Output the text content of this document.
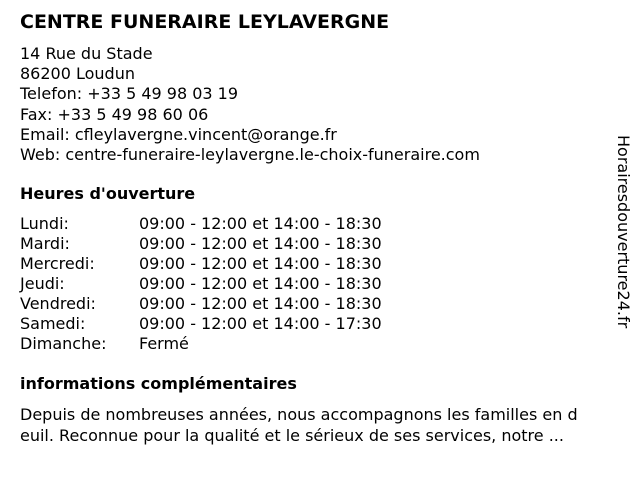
CENTRE FUNERAIRE LEYLAVERGNE
14 Rue du Stade
86200 Loudun
Telefon: +33 5 49 98 03 19
Fax: +33 5 49 98 60 06
Email: cfleylavergne.vincent@orange.fr
Web: centre-funeraire-leylavergne.le-choix-funeraire.com
Heures d'ouverture
Lundi:	09:00 - 12:00 et 14:00 - 18:30
Mardi:	09:00 - 12:00 et 14:00 - 18:30
Mercredi:	09:00 - 12:00 et 14:00 - 18:30
Jeudi:	09:00 - 12:00 et 14:00 - 18:30
Vendredi:	09:00 - 12:00 et 14:00 - 18:30
Samedi:	09:00 - 12:00 et 14:00 - 17:30
Dimanche: Fermé
informations complémentaires
Depuis de nombreuses années, nous accompagnons les familles en d
euil. Reconnue pour la qualité et le sérieux de ses services, notre ...
Horairesdouverture24.fr
